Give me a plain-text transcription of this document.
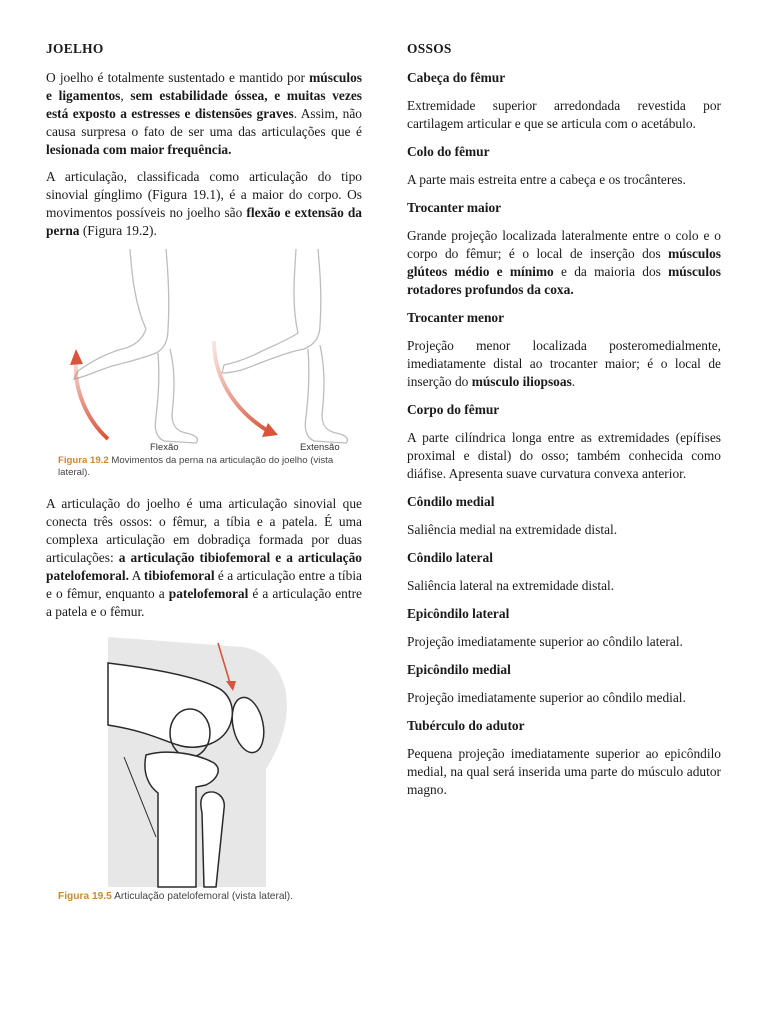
JOELHO

O joelho é totalmente sustentado e mantido por músculos e ligamentos, sem estabilidade óssea, e muitas vezes está exposto a estresses e distensões graves. Assim, não causa surpresa o fato de ser uma das articulações que é lesionada com maior frequência.

A articulação, classificada como articulação do tipo sinovial gínglimo (Figura 19.1), é a maior do corpo. Os movimentos possíveis no joelho são flexão e extensão da perna (Figura 19.2).

Flexão	Extensão
Figura 19.2 Movimentos da perna na articulação do joelho (vista lateral).

A articulação do joelho é uma articulação sinovial que conecta três ossos: o fêmur, a tíbia e a patela. É uma complexa articulação em dobradiça formada por duas articulações: a articulação tibiofemoral e a articulação patelofemoral. A tibiofemoral é a articulação entre a tíbia e o fêmur, enquanto a patelofemoral é a articulação entre a patela e o fêmur.

Figura 19.5 Articulação patelofemoral (vista lateral).
OSSOS
Cabeça do fêmur

Extremidade superior arredondada revestida por cartilagem articular e que se articula com o acetábulo.

Colo do fêmur

A parte mais estreita entre a cabeça e os trocânteres.

Trocanter maior

Grande projeção localizada lateralmente entre o colo e o corpo do fêmur; é o local de inserção dos músculos glúteos médio e mínimo e da maioria dos músculos rotadores profundos da coxa.

Trocanter menor

Projeção menor localizada posteromedialmente, imediatamente distal ao trocanter maior; é o local de inserção do músculo iliopsoas.

Corpo do fêmur

A parte cilíndrica longa entre as extremidades (epífises proximal e distal) do osso; também conhecida como diáfise. Apresenta suave curvatura convexa anterior.

Côndilo medial

Saliência medial na extremidade distal.

Côndilo lateral

Saliência lateral na extremidade distal.

Epicôndilo lateral

Projeção imediatamente superior ao côndilo lateral.

Epicôndilo medial

Projeção imediatamente superior ao côndilo medial.

Tubérculo do adutor

Pequena projeção imediatamente superior ao epicôndilo medial, na qual será inserida uma parte do músculo adutor magno.
